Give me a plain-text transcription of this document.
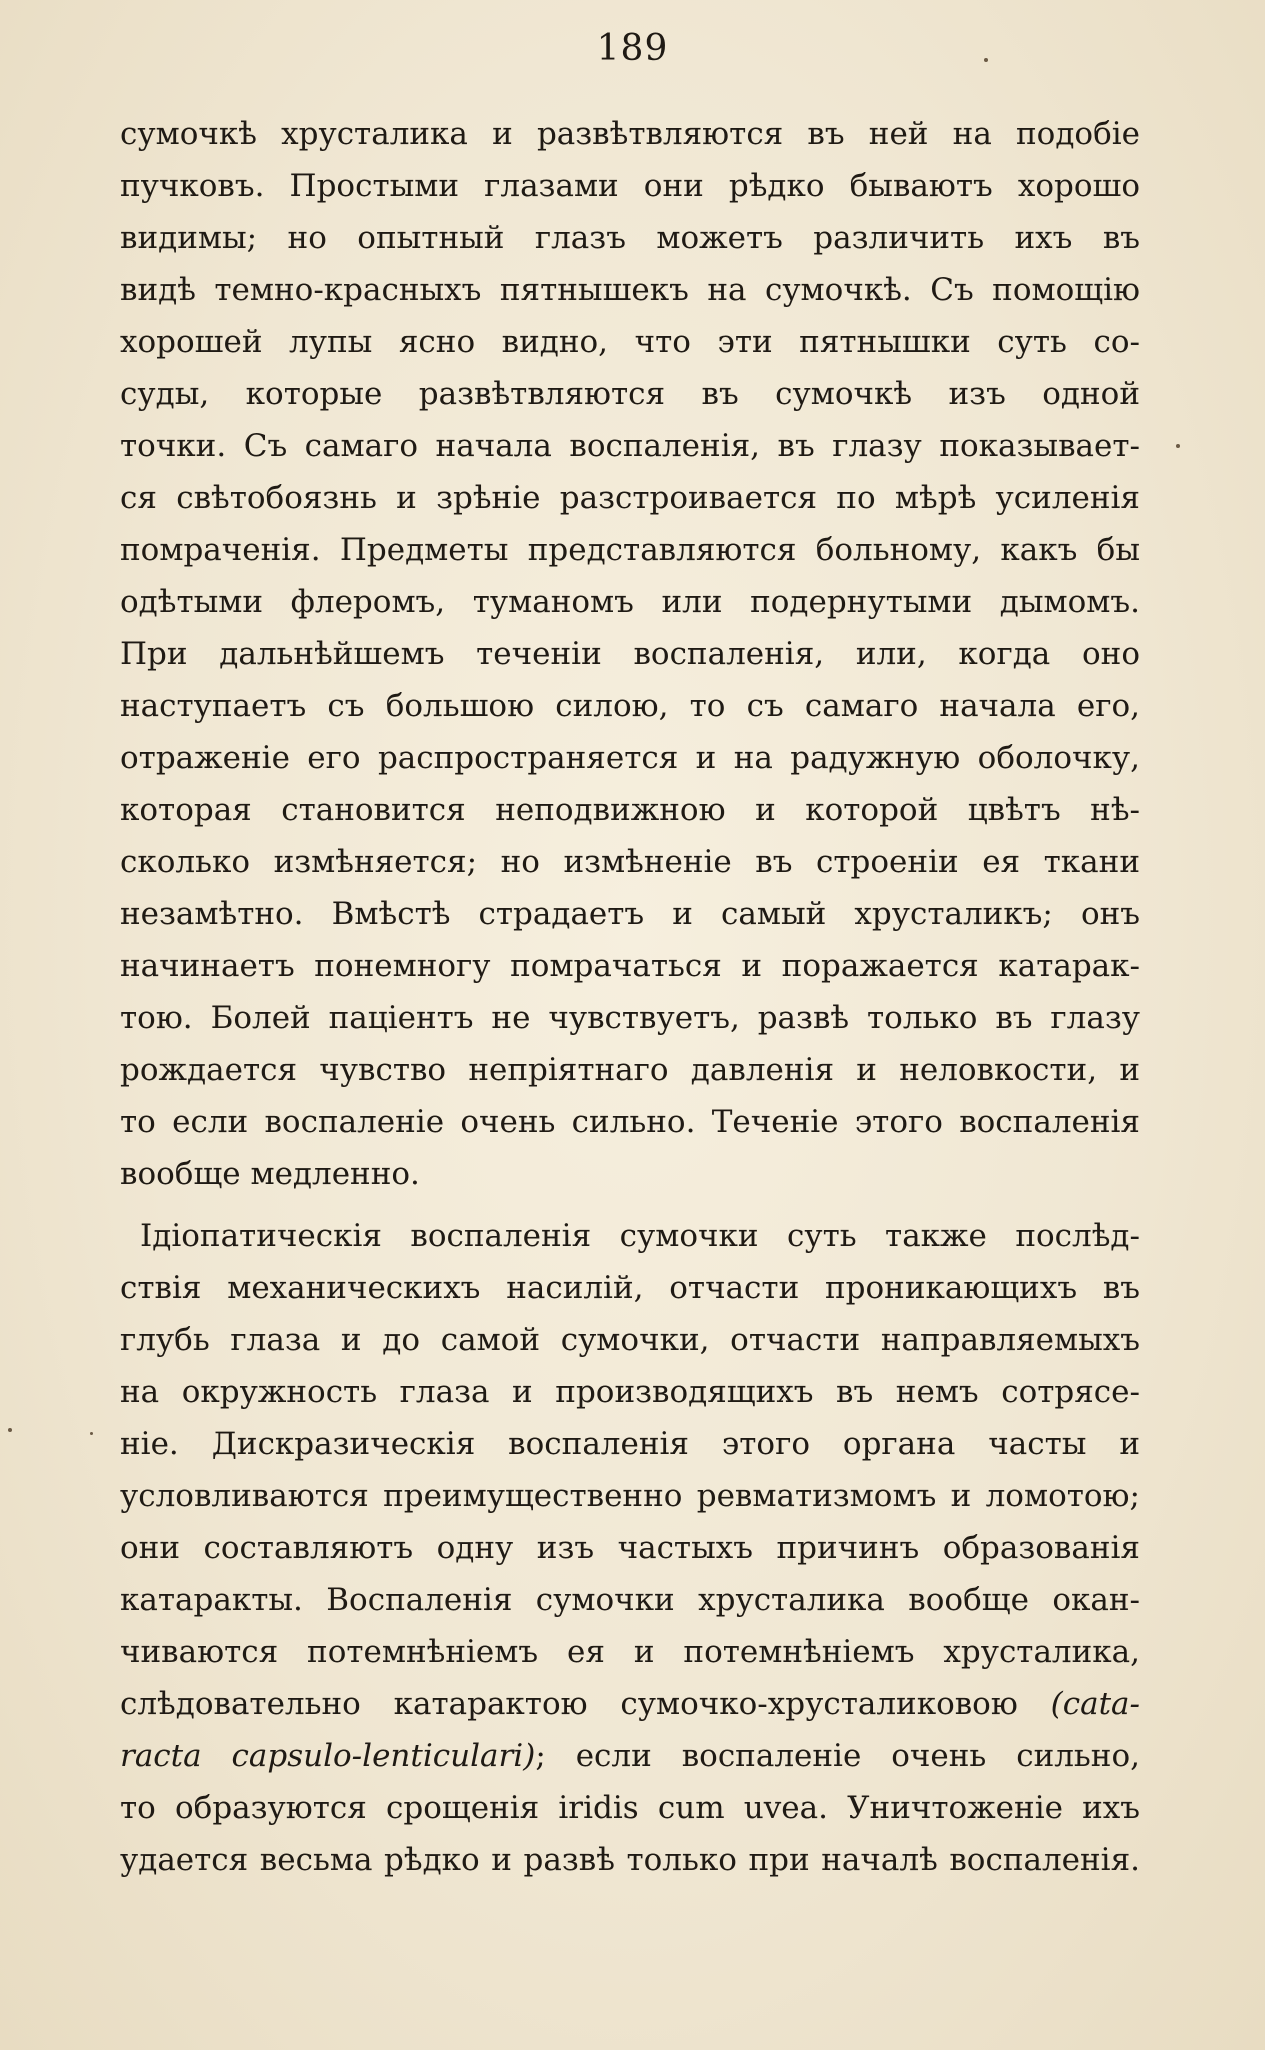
189
сумочкѣ хрусталика и развѣтвляются въ ней на подобіе
пучковъ. Простыми глазами они рѣдко бываютъ хорошо
видимы; но опытный глазъ можетъ различить ихъ въ
видѣ темно-красныхъ пятнышекъ на сумочкѣ. Съ помощію
хорошей лупы ясно видно, что эти пятнышки суть со-
суды, которые развѣтвляются въ сумочкѣ изъ одной
точки. Съ самаго начала воспаленія, въ глазу показывает-
ся свѣтобоязнь и зрѣніе разстроивается по мѣрѣ усиленія
помраченія. Предметы представляются больному, какъ бы
одѣтыми флеромъ, туманомъ или подернутыми дымомъ.
При дальнѣйшемъ теченіи воспаленія, или, когда оно
наступаетъ съ большою силою, то съ самаго начала его,
отраженіе его распространяется и на радужную оболочку,
которая становится неподвижною и которой цвѣтъ нѣ-
сколько измѣняется; но измѣненіе въ строеніи ея ткани
незамѣтно. Вмѣстѣ страдаетъ и самый хрусталикъ; онъ
начинаетъ понемногу помрачаться и поражается катарак-
тою. Болей паціентъ не чувствуетъ, развѣ только въ глазу
рождается чувство непріятнаго давленія и неловкости, и
то если воспаленіе очень сильно. Теченіе этого воспаленія
вообще медленно.
Ідіопатическія воспаленія сумочки суть также послѣд-
ствія механическихъ насилій, отчасти проникающихъ въ
глубь глаза и до самой сумочки, отчасти направляемыхъ
на окружность глаза и производящихъ въ немъ сотрясе-
ніе. Дискразическія воспаленія этого органа часты и
условливаются преимущественно ревматизмомъ и ломотою;
они составляютъ одну изъ частыхъ причинъ образованія
катаракты. Воспаленія сумочки хрусталика вообще окан-
чиваются потемнѣніемъ ея и потемнѣніемъ хрусталика,
слѣдовательно катарактою сумочко-хрусталиковою (cata-
racta capsulo-lenticulari); если воспаленіе очень сильно,
то образуются срощенія iridis cum uvea. Уничтоженіе ихъ
удается весьма рѣдко и развѣ только при началѣ воспаленія.
